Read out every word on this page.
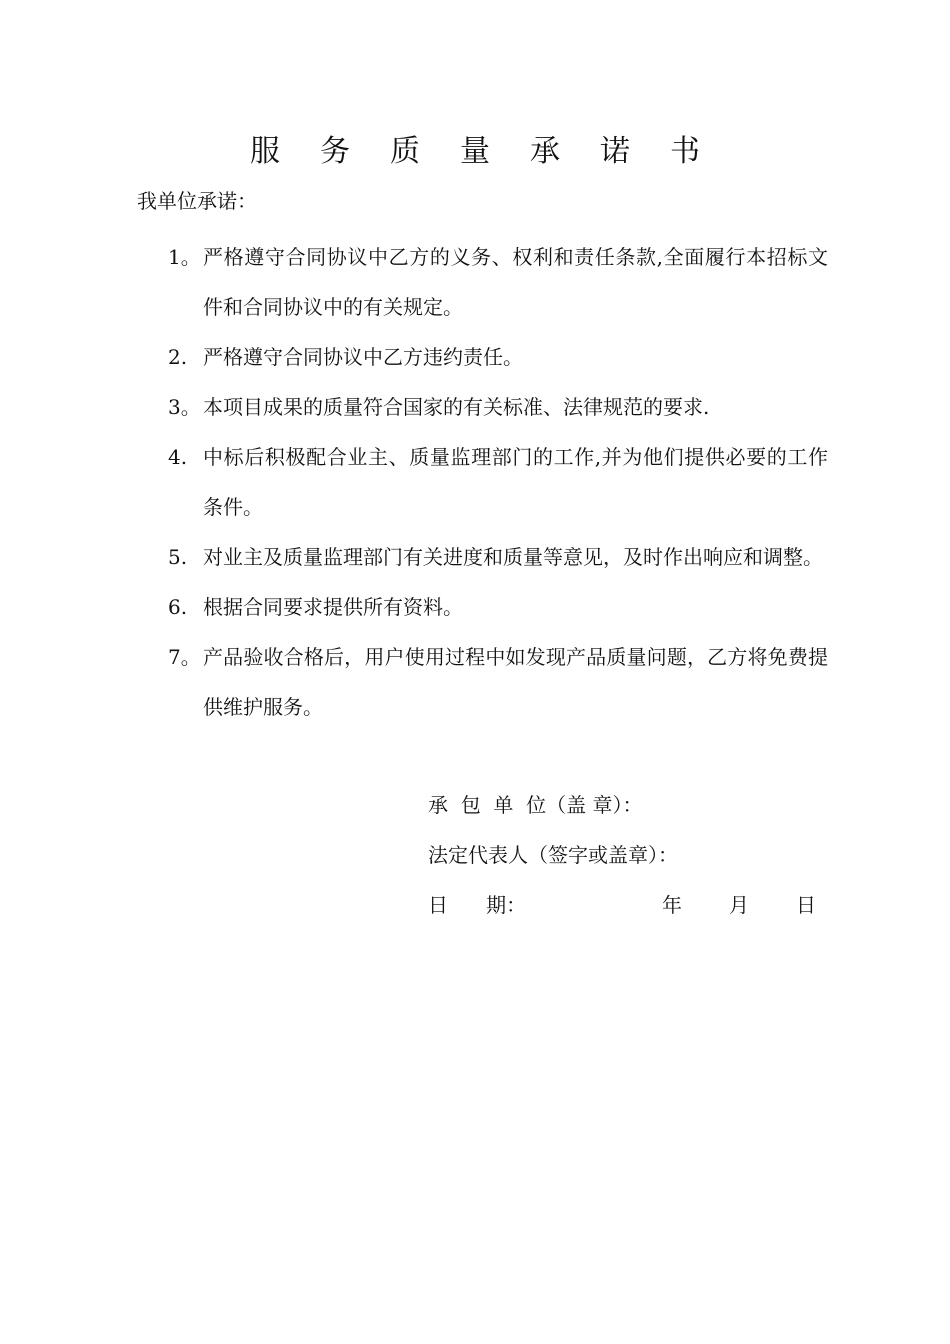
服务质量承诺书
我单位承诺：
1。 严格遵守合同协议中乙方的义务、权利和责任条款,全面履行本招标文件和合同协议中的有关规定。
2. 严格遵守合同协议中乙方违约责任。
3。 本项目成果的质量符合国家的有关标准、法律规范的要求.
4. 中标后积极配合业主、质量监理部门的工作,并为他们提供必要的工作条件。
5. 对业主及质量监理部门有关进度和质量等意见，及时作出响应和调整。
6. 根据合同要求提供所有资料。
7。 产品验收合格后，用户使用过程中如发现产品质量问题，乙方将免费提供维护服务。
承  包  单  位（盖 章）：
法定代表人（签字或盖章）：

日      期：

	年

月

日
